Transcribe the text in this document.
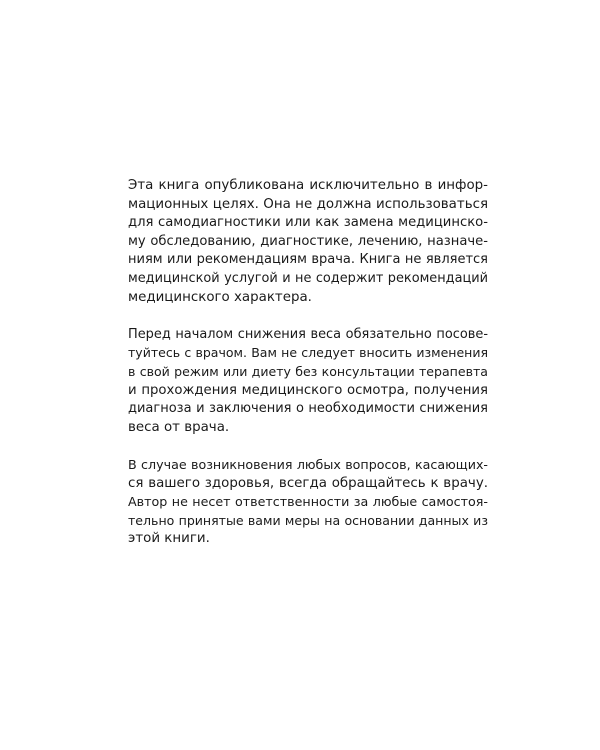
Эта книга опубликована исключительно в инфор-
мационных целях. Она не должна использоваться
для самодиагностики или как замена медицинско-
му обследованию, диагностике, лечению, назначе-
ниям или рекомендациям врача. Книга не является
медицинской услугой и не содержит рекомендаций
медицинского характера.

Перед началом снижения веса обязательно посове-
туйтесь с врачом. Вам не следует вносить изменения
в свой режим или диету без консультации терапевта
и прохождения медицинского осмотра, получения
диагноза и заключения о необходимости снижения
веса от врача.

В случае возникновения любых вопросов, касающих-
ся вашего здоровья, всегда обращайтесь к врачу.
Автор не несет ответственности за любые самостоя-
тельно принятые вами меры на основании данных из
этой книги.
